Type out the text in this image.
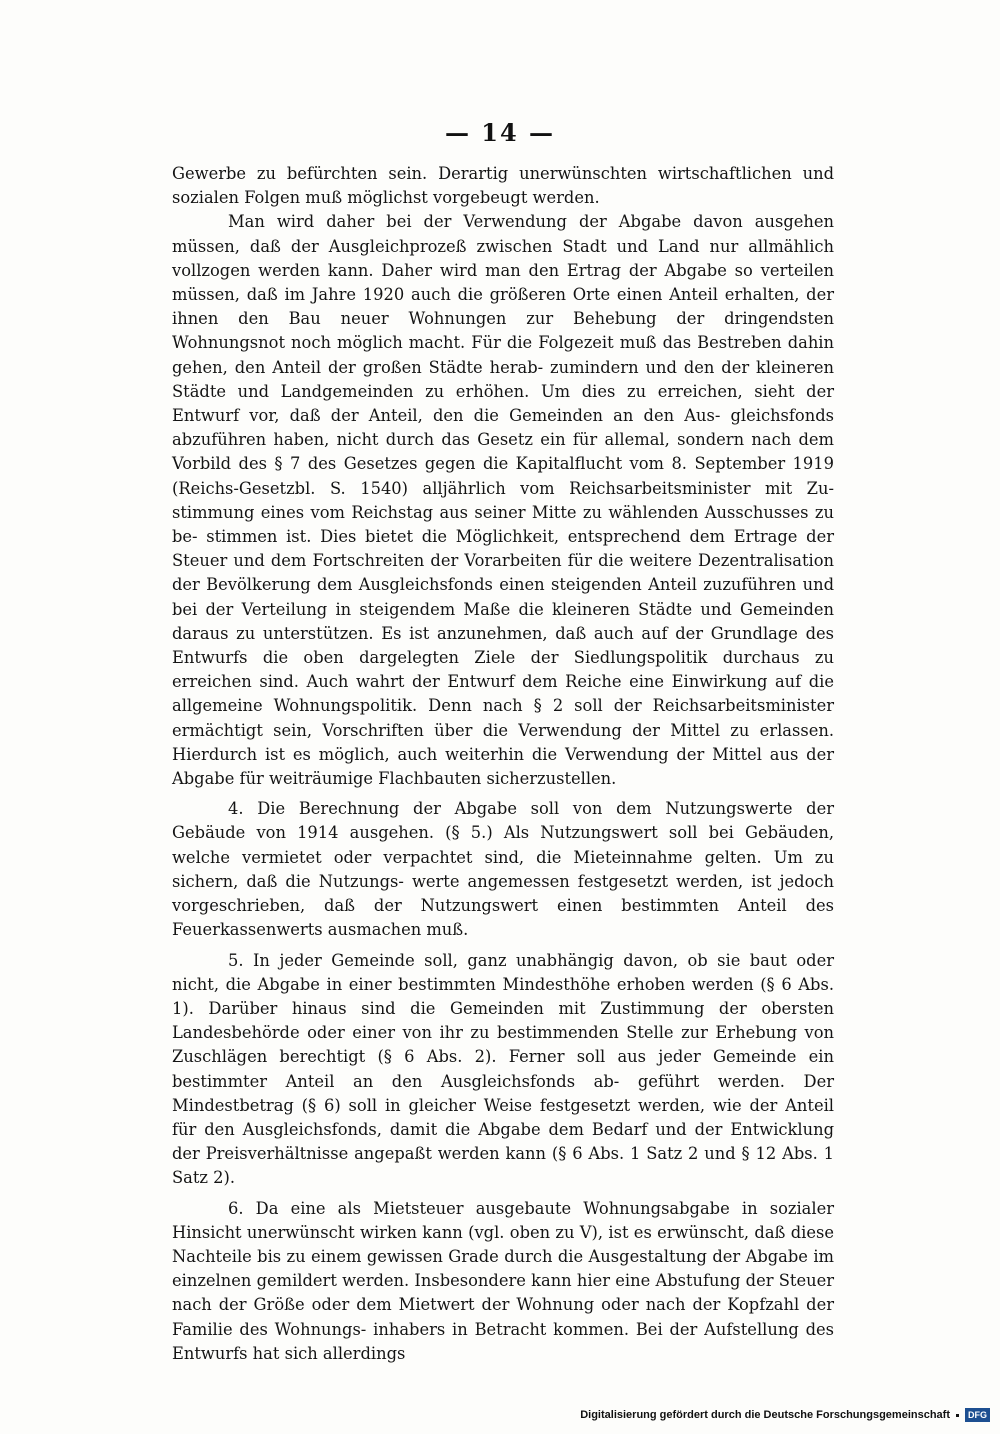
— 14 —

Gewerbe zu befürchten sein. Derartig unerwünschten wirtschaftlichen und sozialen Folgen muß möglichst vorgebeugt werden.

Man wird daher bei der Verwendung der Abgabe davon ausgehen müssen, daß der Ausgleichprozeß zwischen Stadt und Land nur allmählich vollzogen werden kann. Daher wird man den Ertrag der Abgabe so verteilen müssen, daß im Jahre 1920 auch die größeren Orte einen Anteil erhalten, der ihnen den Bau neuer Wohnungen zur Behebung der dringendsten Wohnungsnot noch möglich macht. Für die Folgezeit muß das Bestreben dahin gehen, den Anteil der großen Städte herab- zumindern und den der kleineren Städte und Landgemeinden zu erhöhen. Um dies zu erreichen, sieht der Entwurf vor, daß der Anteil, den die Gemeinden an den Aus- gleichsfonds abzuführen haben, nicht durch das Gesetz ein für allemal, sondern nach dem Vorbild des § 7 des Gesetzes gegen die Kapitalflucht vom 8. September 1919 (Reichs-Gesetzbl. S. 1540) alljährlich vom Reichsarbeitsminister mit Zu- stimmung eines vom Reichstag aus seiner Mitte zu wählenden Ausschusses zu be- stimmen ist. Dies bietet die Möglichkeit, entsprechend dem Ertrage der Steuer und dem Fortschreiten der Vorarbeiten für die weitere Dezentralisation der Bevölkerung dem Ausgleichsfonds einen steigenden Anteil zuzuführen und bei der Verteilung in steigendem Maße die kleineren Städte und Gemeinden daraus zu unterstützen. Es ist anzunehmen, daß auch auf der Grundlage des Entwurfs die oben dargelegten Ziele der Siedlungspolitik durchaus zu erreichen sind. Auch wahrt der Entwurf dem Reiche eine Einwirkung auf die allgemeine Wohnungspolitik. Denn nach § 2 soll der Reichsarbeitsminister ermächtigt sein, Vorschriften über die Verwendung der Mittel zu erlassen. Hierdurch ist es möglich, auch weiterhin die Verwendung der Mittel aus der Abgabe für weiträumige Flachbauten sicherzustellen.

4. Die Berechnung der Abgabe soll von dem Nutzungswerte der Gebäude von 1914 ausgehen. (§ 5.) Als Nutzungswert soll bei Gebäuden, welche vermietet oder verpachtet sind, die Mieteinnahme gelten. Um zu sichern, daß die Nutzungs- werte angemessen festgesetzt werden, ist jedoch vorgeschrieben, daß der Nutzungswert einen bestimmten Anteil des Feuerkassenwerts ausmachen muß.

5. In jeder Gemeinde soll, ganz unabhängig davon, ob sie baut oder nicht, die Abgabe in einer bestimmten Mindesthöhe erhoben werden (§ 6 Abs. 1). Darüber hinaus sind die Gemeinden mit Zustimmung der obersten Landesbehörde oder einer von ihr zu bestimmenden Stelle zur Erhebung von Zuschlägen berechtigt (§ 6 Abs. 2). Ferner soll aus jeder Gemeinde ein bestimmter Anteil an den Ausgleichsfonds ab- geführt werden. Der Mindestbetrag (§ 6) soll in gleicher Weise festgesetzt werden, wie der Anteil für den Ausgleichsfonds, damit die Abgabe dem Bedarf und der Entwicklung der Preisverhältnisse angepaßt werden kann (§ 6 Abs. 1 Satz 2 und § 12 Abs. 1 Satz 2).

6. Da eine als Mietsteuer ausgebaute Wohnungsabgabe in sozialer Hinsicht unerwünscht wirken kann (vgl. oben zu V), ist es erwünscht, daß diese Nachteile bis zu einem gewissen Grade durch die Ausgestaltung der Abgabe im einzelnen gemildert werden. Insbesondere kann hier eine Abstufung der Steuer nach der Größe oder dem Mietwert der Wohnung oder nach der Kopfzahl der Familie des Wohnungs- inhabers in Betracht kommen. Bei der Aufstellung des Entwurfs hat sich allerdings

Digitalisierung gefördert durch die Deutsche Forschungsgemeinschaft	DFG
